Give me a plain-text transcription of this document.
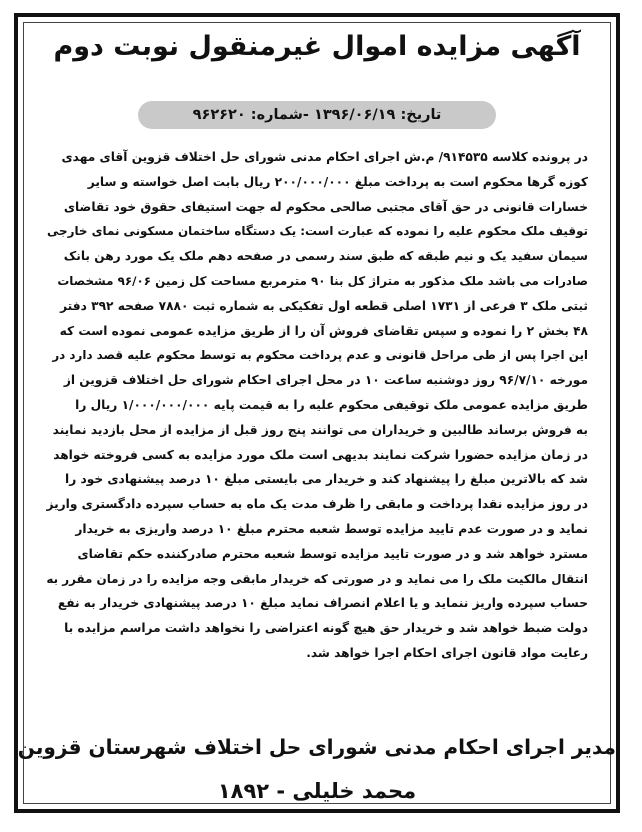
آگهی مزایده اموال غیرمنقول نوبت دوم
تاریخ: ۱۳۹۶/۰۶/۱۹ -شماره: ۹۶۲۶۲۰
در پرونده کلاسه ۹۱۴۵۳۵/ م.ش اجرای احکام مدنی شورای حل اختلاف قزوین آقای مهدی
کوزه گرها محکوم است به پرداخت مبلغ ۲۰۰/۰۰۰/۰۰۰ ریال بابت اصل خواسته و سایر
خسارات قانونی در حق آقای مجتبی صالحی محکوم له جهت استیفای حقوق خود تقاضای
توقیف ملک محکوم علیه را نموده که عبارت است: یک دستگاه ساختمان مسکونی نمای خارجی
سیمان سفید یک و نیم طبقه که طبق سند رسمی در صفحه دهم ملک یک مورد رهن بانک
صادرات می باشد ملک مذکور به متراژ کل بنا ۹۰ مترمربع مساحت کل زمین ۹۶/۰۶ مشخصات
ثبتی ملک ۳ فرعی از ۱۷۳۱ اصلی قطعه اول تفکیکی به شماره ثبت ۷۸۸۰ صفحه ۳۹۲ دفتر
۴۸ بخش ۲ را نموده و سپس تقاضای فروش آن را از طریق مزایده عمومی نموده است که
این اجرا پس از طی مراحل قانونی و عدم پرداخت محکوم به توسط محکوم علیه قصد دارد در
مورخه ۹۶/۷/۱۰ روز دوشنبه ساعت ۱۰ در محل اجرای احکام شورای حل اختلاف قزوین از
طریق مزایده عمومی ملک توقیفی محکوم علیه را به قیمت پایه ۱/۰۰۰/۰۰۰/۰۰۰ ریال را
به فروش برساند طالبین و خریداران می توانند پنج روز قبل از مزایده از محل بازدید نمایند
در زمان مزایده حضورا شرکت نمایند بدیهی است ملک مورد مزایده به کسی فروخته خواهد
شد که بالاترین مبلغ را پیشنهاد کند و خریدار می بایستی مبلغ ۱۰ درصد پیشنهادی خود را
در روز مزایده نقدا پرداخت و مابقی را ظرف مدت یک ماه به حساب سپرده دادگستری واریز
نماید و در صورت عدم تایید مزایده توسط شعبه محترم مبلغ ۱۰ درصد واریزی به خریدار
مسترد خواهد شد و در صورت تایید مزایده توسط شعبه محترم صادرکننده حکم تقاضای
انتقال مالکیت ملک را می نماید و در صورتی که خریدار مابقی وجه مزایده را در زمان مقرر به
حساب سپرده واریز ننماید و یا اعلام انصراف نماید مبلغ ۱۰ درصد پیشنهادی خریدار به نفع
دولت ضبط خواهد شد و خریدار حق هیچ گونه اعتراضی را نخواهد داشت مراسم مزایده با
رعایت مواد قانون اجرای احکام اجرا خواهد شد.
مدیر اجرای احکام مدنی شورای حل اختلاف شهرستان قزوین
محمد خلیلی - ۱۸۹۲
